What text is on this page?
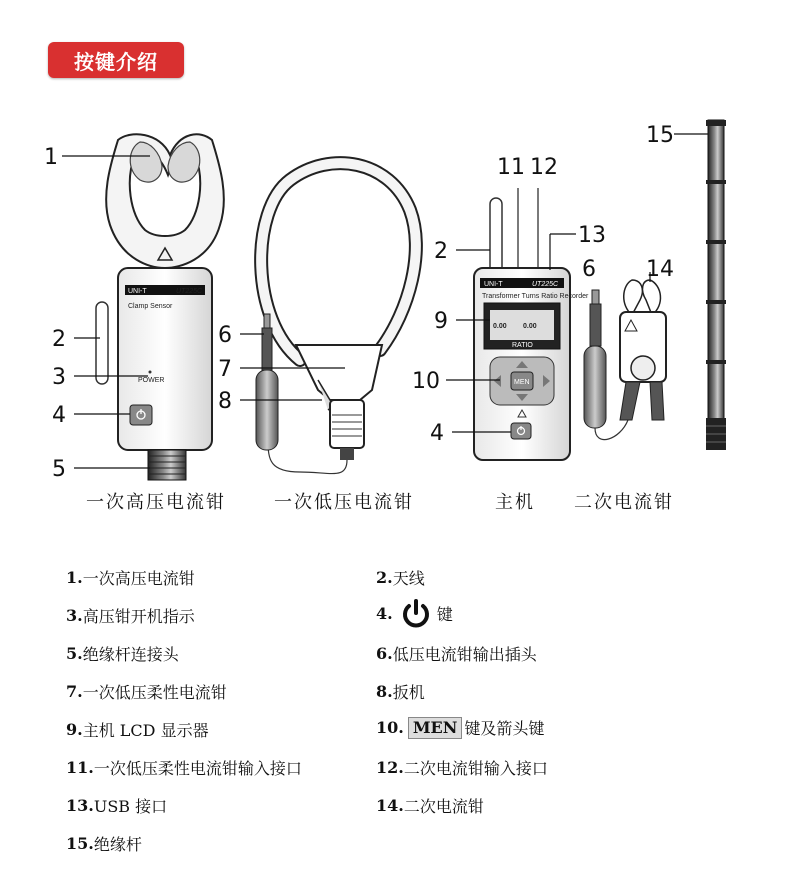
按键介绍
UNI-T	UT225C
Clamp Sensor
POWER
1
2
3
4
5
一次高压电流钳
6
7
8
一次低压电流钳
UNI-T	UT225C
Transformer Turns Ratio Recorder
0.00 0.00
RATIO
MEN
11 12
13
2
9
10
4
主机
6 14
二次电流钳
15
1. 一次高压电流钳	2. 天线
3. 高压钳开机指示	4.	键
5. 绝缘杆连接头	6. 低压电流钳输出插头
7. 一次低压柔性电流钳	8. 扳机
9. 主机 LCD 显示器	10. MEN 键及箭头键
11. 一次低压柔性电流钳输入接口	12. 二次电流钳输入接口
13. USB 接口	14. 二次电流钳
15. 绝缘杆
